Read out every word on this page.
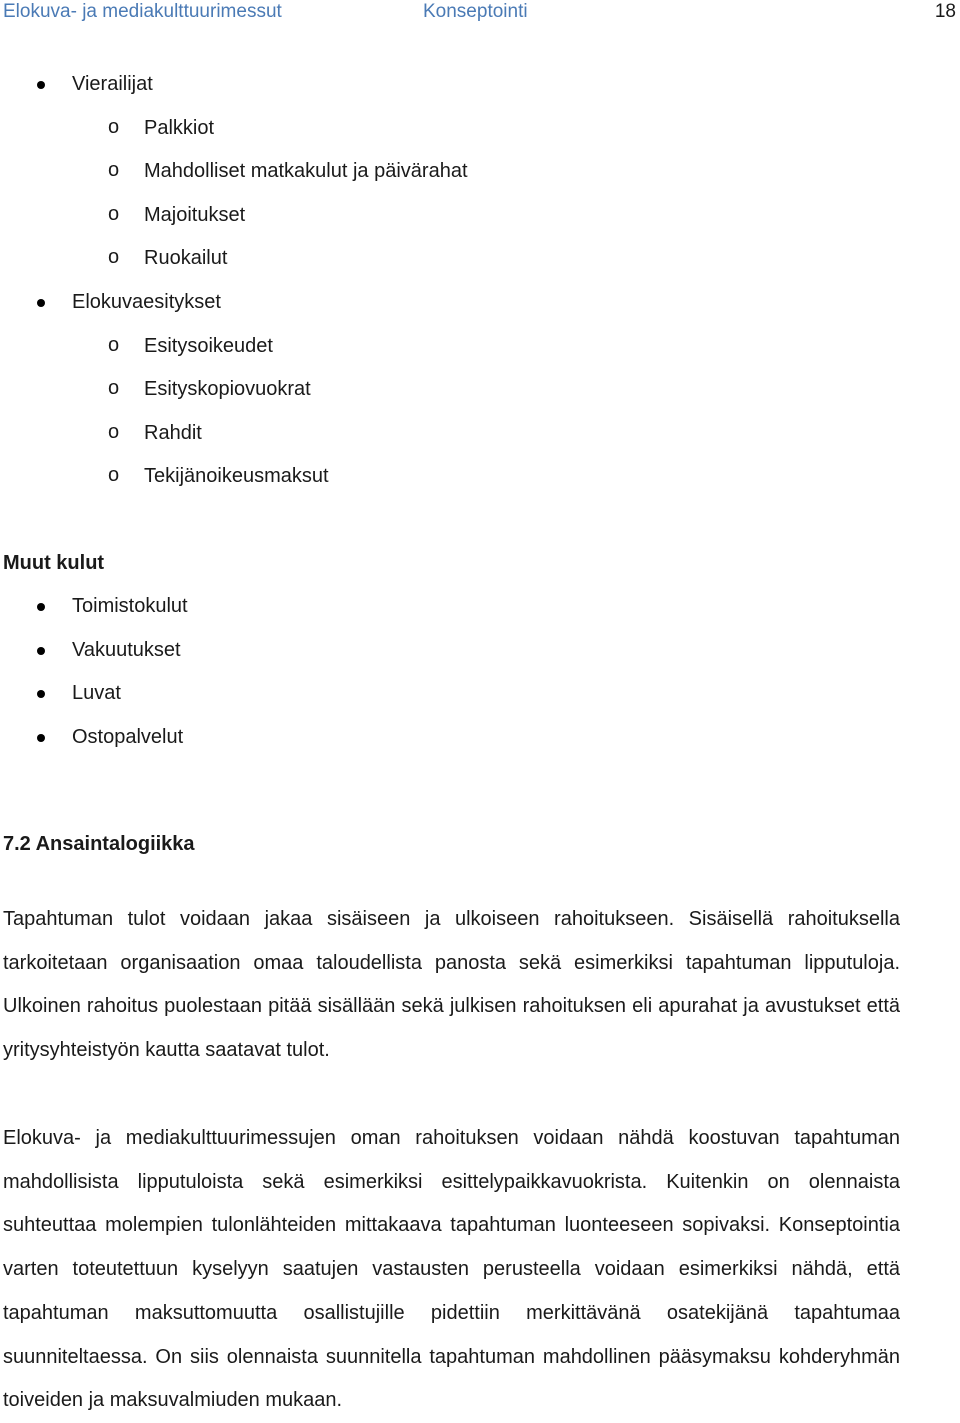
Elokuva- ja mediakulttuurimessut	Konseptointi	18
Vierailijat
o Palkkiot
o Mahdolliset matkakulut ja päivärahat
o Majoitukset
o Ruokailut
Elokuvaesitykset
o Esitysoikeudet
o Esityskopiovuokrat
o Rahdit
o Tekijänoikeusmaksut
Muut kulut
Toimistokulut
Vakuutukset
Luvat
Ostopalvelut
7.2 Ansaintalogiikka

Tapahtuman tulot voidaan jakaa sisäiseen ja ulkoiseen rahoitukseen. Sisäisellä rahoituksella tarkoitetaan organisaation omaa taloudellista panosta sekä esimerkiksi tapahtuman lipputuloja. Ulkoinen rahoitus puolestaan pitää sisällään sekä julkisen rahoituksen eli apurahat ja avustukset että yritysyhteistyön kautta saatavat tulot.

Elokuva- ja mediakulttuurimessujen oman rahoituksen voidaan nähdä koostuvan tapahtuman mahdollisista lipputuloista sekä esimerkiksi esittelypaikkavuokrista. Kuitenkin on olennaista suhteuttaa molempien tulonlähteiden mittakaava tapahtuman luonteeseen sopivaksi. Konseptointia varten toteutettuun kyselyyn saatujen vastausten perusteella voidaan esimerkiksi nähdä, että tapahtuman maksuttomuutta osallistujille pidettiin merkittävänä osatekijänä tapahtumaa suunniteltaessa. On siis olennaista suunnitella tapahtuman mahdollinen pääsymaksu kohderyhmän toiveiden ja maksuvalmiuden mukaan.
